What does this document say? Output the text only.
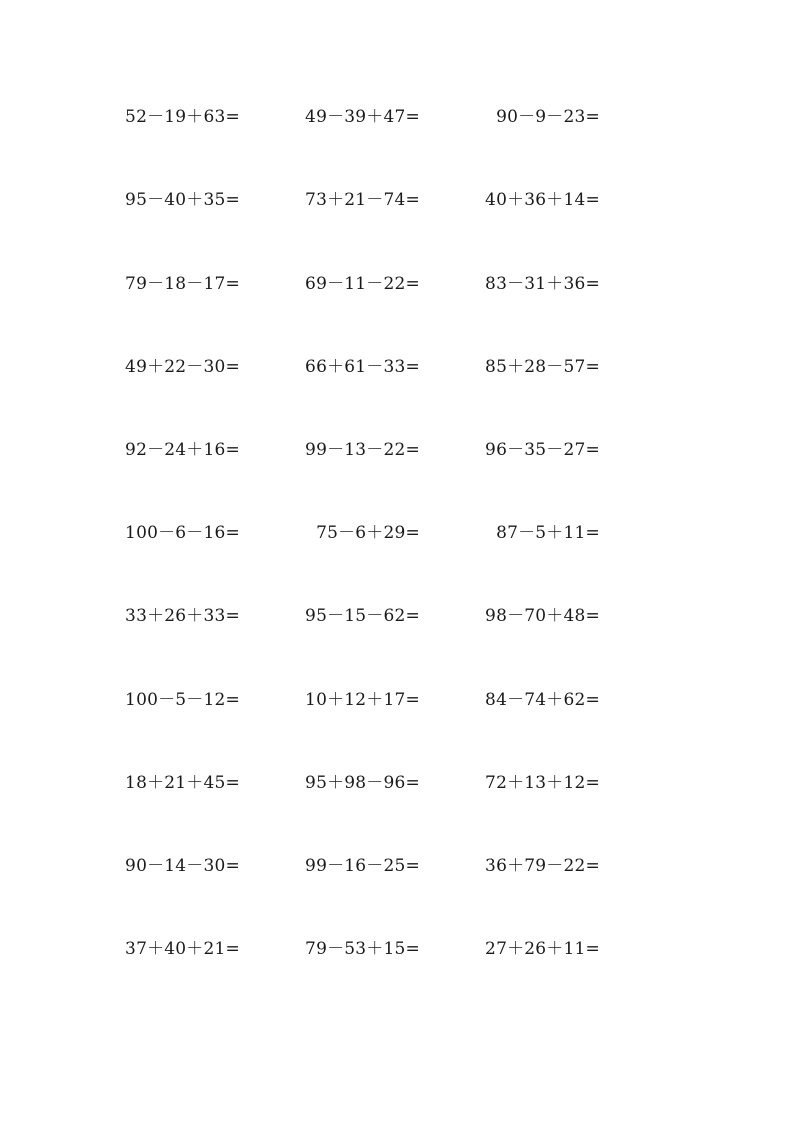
52－19＋63=	49－39＋47=	90－9－23=
95－40＋35=	73＋21－74=	40＋36＋14=
79－18－17=	69－11－22=	83－31＋36=
49＋22－30=	66＋61－33=	85＋28－57=
92－24＋16=	99－13－22=	96－35－27=
100－6－16=	75－6＋29=	87－5＋11=
33＋26＋33=	95－15－62=	98－70＋48=
100－5－12=	10＋12＋17=	84－74＋62=
18＋21＋45=	95＋98－96=	72＋13＋12=
90－14－30=	99－16－25=	36＋79－22=
37＋40＋21=	79－53＋15=	27＋26＋11=
